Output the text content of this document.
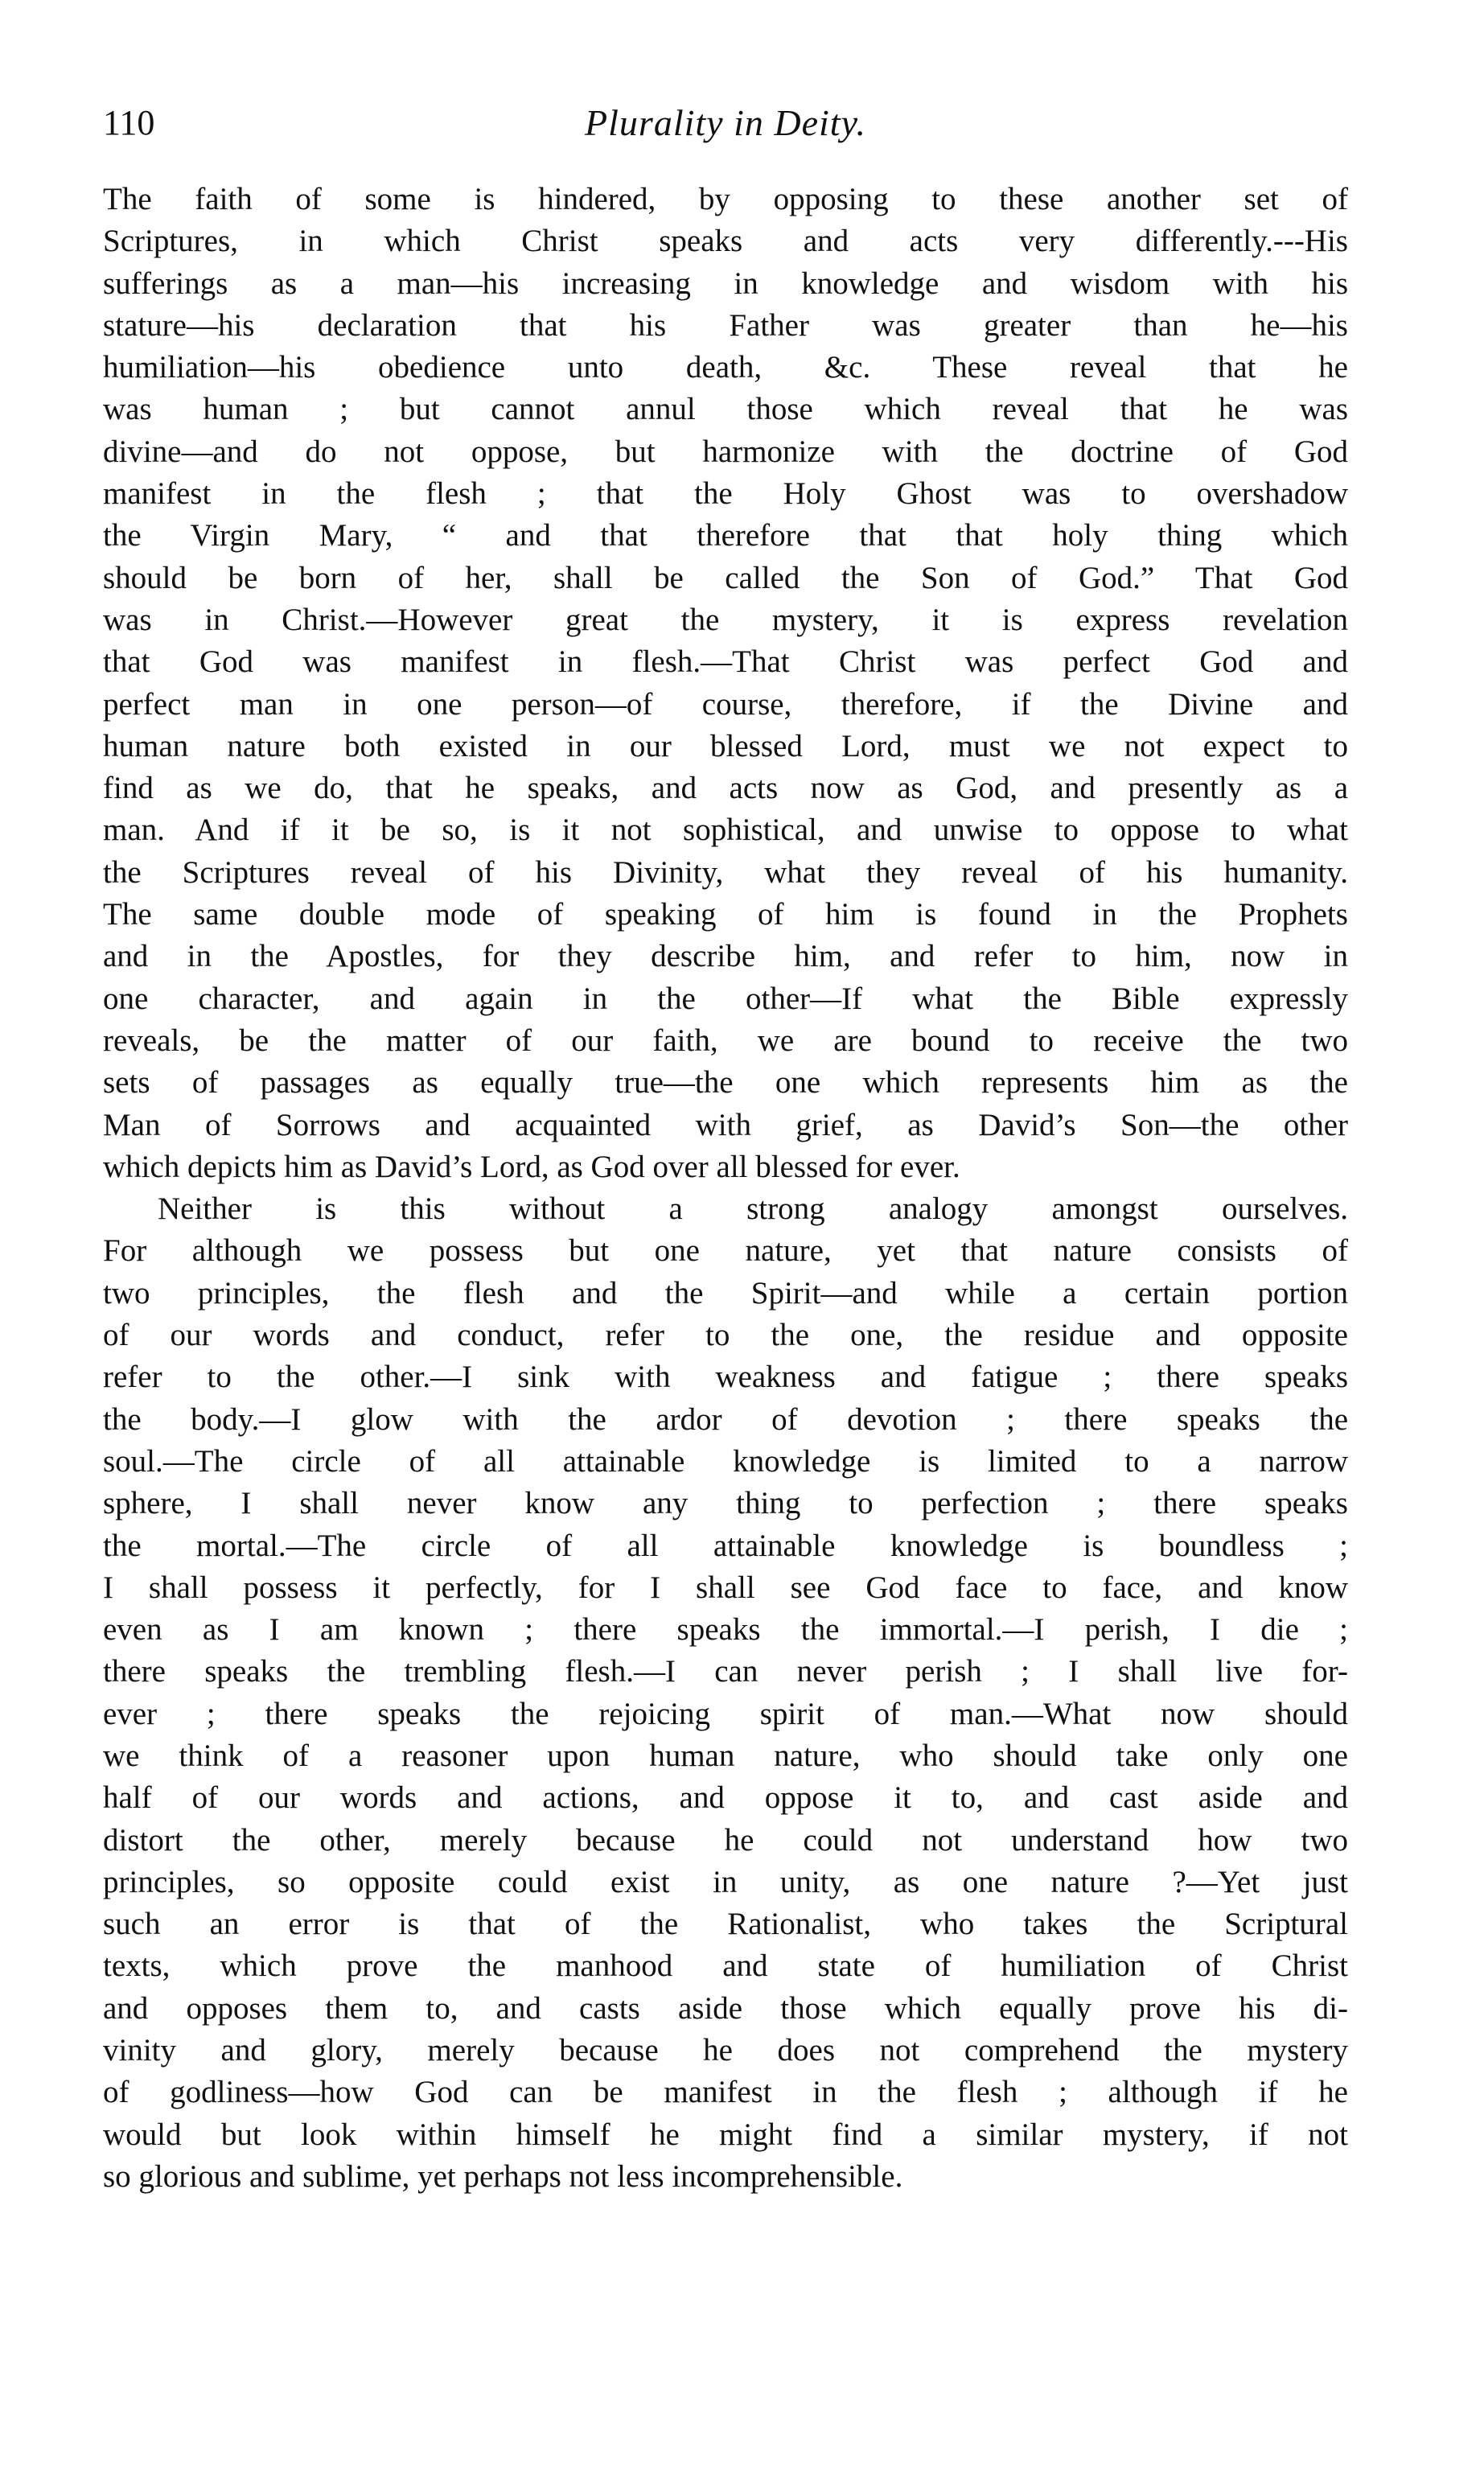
110	Plurality in Deity.
The faith of some is hindered, by opposing to these another set of
Scriptures, in which Christ speaks and acts very differently.---His
sufferings as a man—his increasing in knowledge and wisdom with his
stature—his declaration that his Father was greater than he—his
humiliation—his obedience unto death, &c. These reveal that he
was human ; but cannot annul those which reveal that he was
divine—and do not oppose, but harmonize with the doctrine of God
manifest in the flesh ; that the Holy Ghost was to overshadow
the Virgin Mary, “ and that therefore that that holy thing which
should be born of her, shall be called the Son of God.” That God
was in Christ.—However great the mystery, it is express revelation
that God was manifest in flesh.—That Christ was perfect God and
perfect man in one person—of course, therefore, if the Divine and
human nature both existed in our blessed Lord, must we not expect to
find as we do, that he speaks, and acts now as God, and presently as a
man. And if it be so, is it not sophistical, and unwise to oppose to what
the Scriptures reveal of his Divinity, what they reveal of his humanity.
The same double mode of speaking of him is found in the Prophets
and in the Apostles, for they describe him, and refer to him, now in
one character, and again in the other—If what the Bible expressly
reveals, be the matter of our faith, we are bound to receive the two
sets of passages as equally true—the one which represents him as the
Man of Sorrows and acquainted with grief, as David’s Son—the other
which depicts him as David’s Lord, as God over all blessed for ever.
Neither is this without a strong analogy amongst ourselves.
For although we possess but one nature, yet that nature consists of
two principles, the flesh and the Spirit—and while a certain portion
of our words and conduct, refer to the one, the residue and opposite
refer to the other.—I sink with weakness and fatigue ; there speaks
the body.—I glow with the ardor of devotion ; there speaks the
soul.—The circle of all attainable knowledge is limited to a narrow
sphere, I shall never know any thing to perfection ; there speaks
the mortal.—The circle of all attainable knowledge is boundless ;
I shall possess it perfectly, for I shall see God face to face, and know
even as I am known ; there speaks the immortal.—I perish, I die ;
there speaks the trembling flesh.—I can never perish ; I shall live for-
ever ; there speaks the rejoicing spirit of man.—What now should
we think of a reasoner upon human nature, who should take only one
half of our words and actions, and oppose it to, and cast aside and
distort the other, merely because he could not understand how two
principles, so opposite could exist in unity, as one nature ?—Yet just
such an error is that of the Rationalist, who takes the Scriptural
texts, which prove the manhood and state of humiliation of Christ
and opposes them to, and casts aside those which equally prove his di-
vinity and glory, merely because he does not comprehend the mystery
of godliness—how God can be manifest in the flesh ; although if he
would but look within himself he might find a similar mystery, if not
so glorious and sublime, yet perhaps not less incomprehensible.
